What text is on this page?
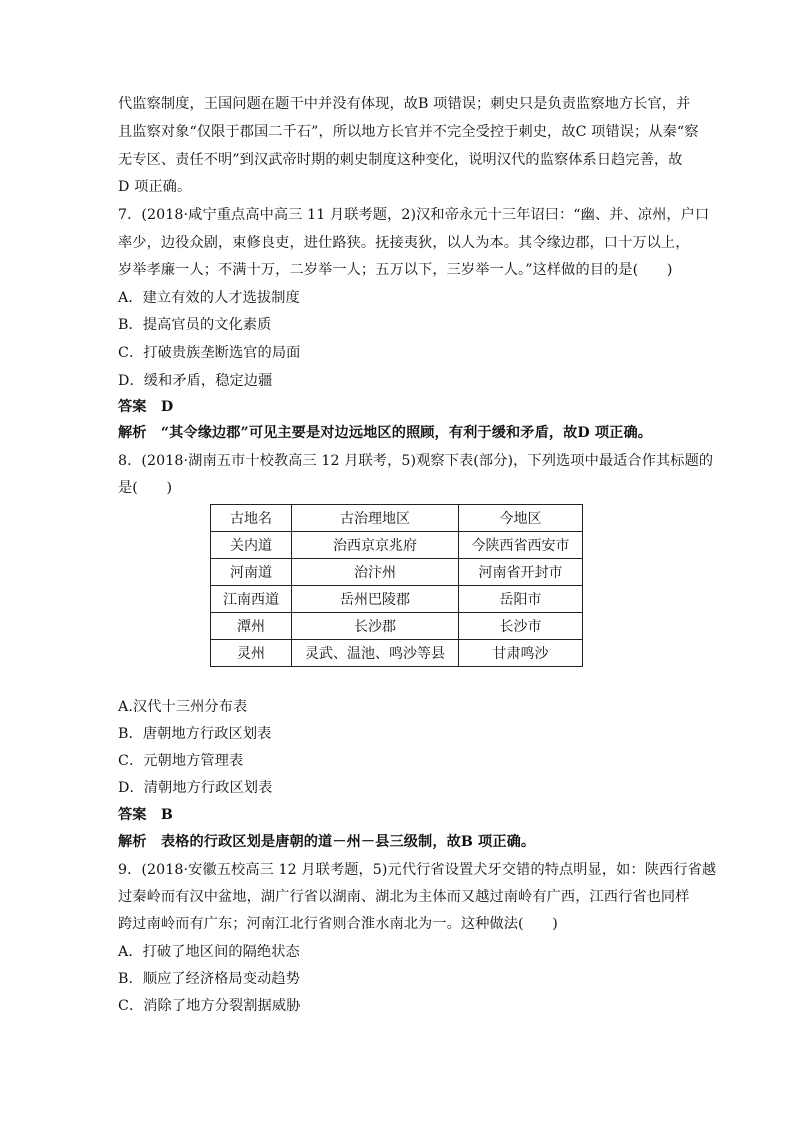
代监察制度，王国问题在题干中并没有体现，故B 项错误；刺史只是负责监察地方长官，并
且监察对象“仅限于郡国二千石”，所以地方长官并不完全受控于刺史，故C 项错误；从秦“察
无专区、责任不明”到汉武帝时期的刺史制度这种变化，说明汉代的监察体系日趋完善，故
D 项正确。
7．(2018·咸宁重点高中高三 11 月联考题，2)汉和帝永元十三年诏曰：“幽、并、凉州，户口
率少，边役众剧，束修良吏，进仕路狭。抚接夷狄，以人为本。其令缘边郡，口十万以上，
岁举孝廉一人；不满十万，二岁举一人；五万以下，三岁举一人。”这样做的目的是(　　)
A．建立有效的人才选拔制度
B．提高官员的文化素质
C．打破贵族垄断选官的局面
D．缓和矛盾，稳定边疆
答案　D
解析　“其令缘边郡”可见主要是对边远地区的照顾，有利于缓和矛盾，故D 项正确。
8．(2018·湖南五市十校教高三 12 月联考，5)观察下表(部分)，下列选项中最适合作其标题的
是(　　)
古地名	古治理地区	今地区
关内道	治西京京兆府	今陕西省西安市
河南道	治汴州	河南省开封市
江南西道	岳州巴陵郡	岳阳市
潭州	长沙郡	长沙市
灵州	灵武、温池、鸣沙等县	甘肃鸣沙
A.汉代十三州分布表
B．唐朝地方行政区划表
C．元朝地方管理表
D．清朝地方行政区划表
答案　B
解析　表格的行政区划是唐朝的道－州－县三级制，故B 项正确。
9．(2018·安徽五校高三 12 月联考题，5)元代行省设置犬牙交错的特点明显，如：陕西行省越
过秦岭而有汉中盆地，湖广行省以湖南、湖北为主体而又越过南岭有广西，江西行省也同样
跨过南岭而有广东；河南江北行省则合淮水南北为一。这种做法(　　)
A．打破了地区间的隔绝状态
B．顺应了经济格局变动趋势
C．消除了地方分裂割据威胁
